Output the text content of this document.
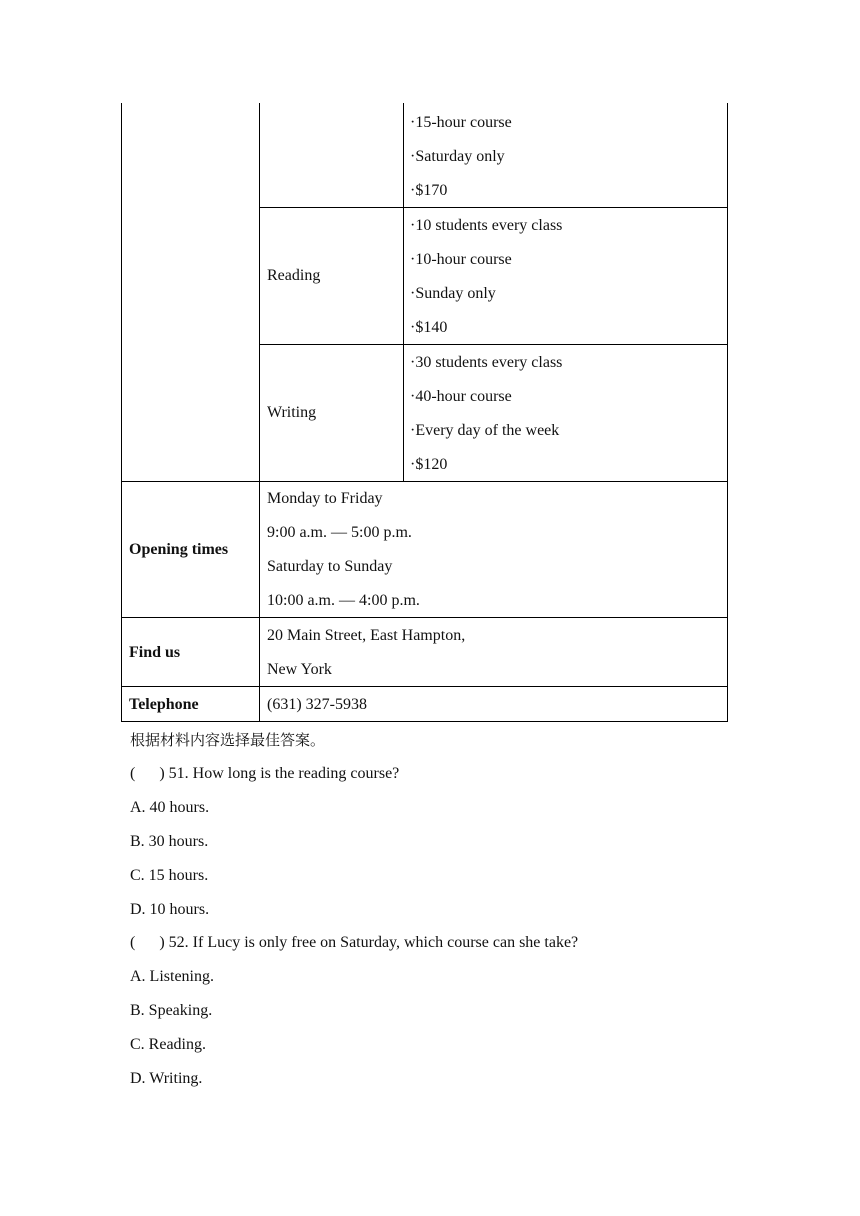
·15-hour course
·Saturday only
·$170
Reading
·10 students every class
·10-hour course
·Sunday only
·$140
Writing
·30 students every class
·40-hour course
·Every day of the week
·$120
Opening times
Monday to Friday
9:00 a.m. — 5:00 p.m.
Saturday to Sunday
10:00 a.m. — 4:00 p.m.
Find us
20 Main Street, East Hampton,
New York
Telephone	(631) 327-5938
根据材料内容选择最佳答案。
(      ) 51. How long is the reading course?
A. 40 hours.
B. 30 hours.
C. 15 hours.
D. 10 hours.
(      ) 52. If Lucy is only free on Saturday, which course can she take?
A. Listening.
B. Speaking.
C. Reading.
D. Writing.
